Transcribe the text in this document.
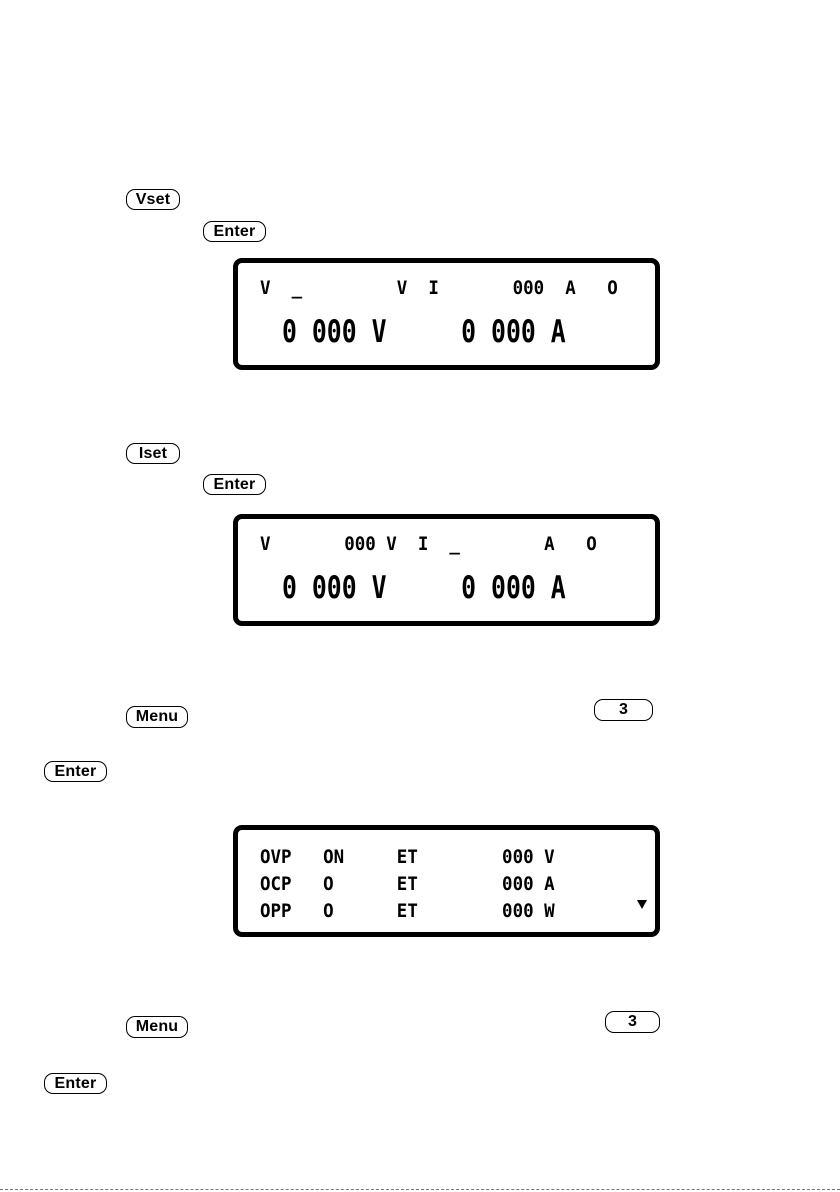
Vset
Enter
V  _         V  I       000  A   O
0 000 V     0 000 A
Iset
Enter
V       000 V  I  _        A   O
0 000 V     0 000 A
Menu	3
Enter
OVP   ON     ET        000 V
OCP   O      ET        000 A
OPP   O      ET        000 W
Menu	3
Enter
